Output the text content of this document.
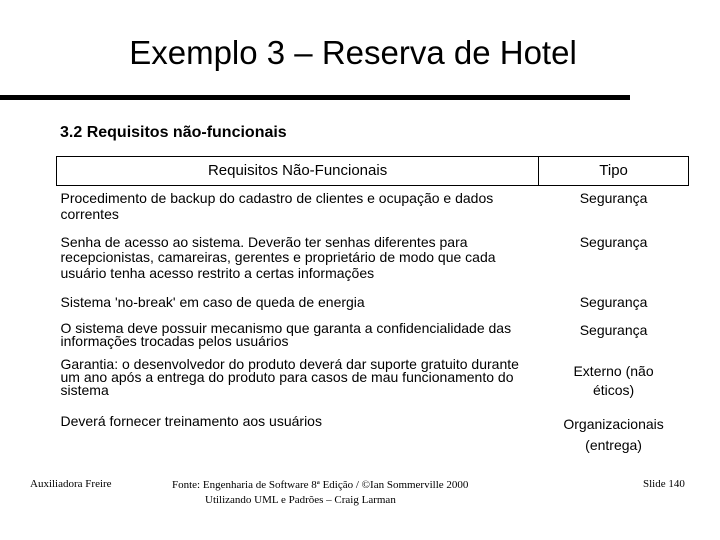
Exemplo 3 – Reserva de Hotel
3.2 Requisitos não-funcionais
Requisitos Não-Funcionais	Tipo
Procedimento de backup do cadastro de clientes e ocupação e dados correntes	Segurança
Senha de acesso ao sistema. Deverão ter senhas diferentes para recepcionistas, camareiras, gerentes e proprietário de modo que cada usuário tenha acesso restrito a certas informações	Segurança
Sistema 'no-break' em caso de queda de energia	Segurança
O sistema deve possuir mecanismo que garanta a confidencialidade das informações trocadas pelos usuários	Segurança
Garantia: o desenvolvedor do produto deverá dar suporte gratuito durante um ano após a entrega do produto para casos de mau funcionamento do sistema	Externo (não éticos)
Deverá fornecer treinamento aos usuários	Organizacionais (entrega)
Auxiliadora Freire	Fonte: Engenharia de Software 8ª Edição / ©Ian Sommerville 2000
Utilizando UML e Padrões – Craig Larman
Slide 140
